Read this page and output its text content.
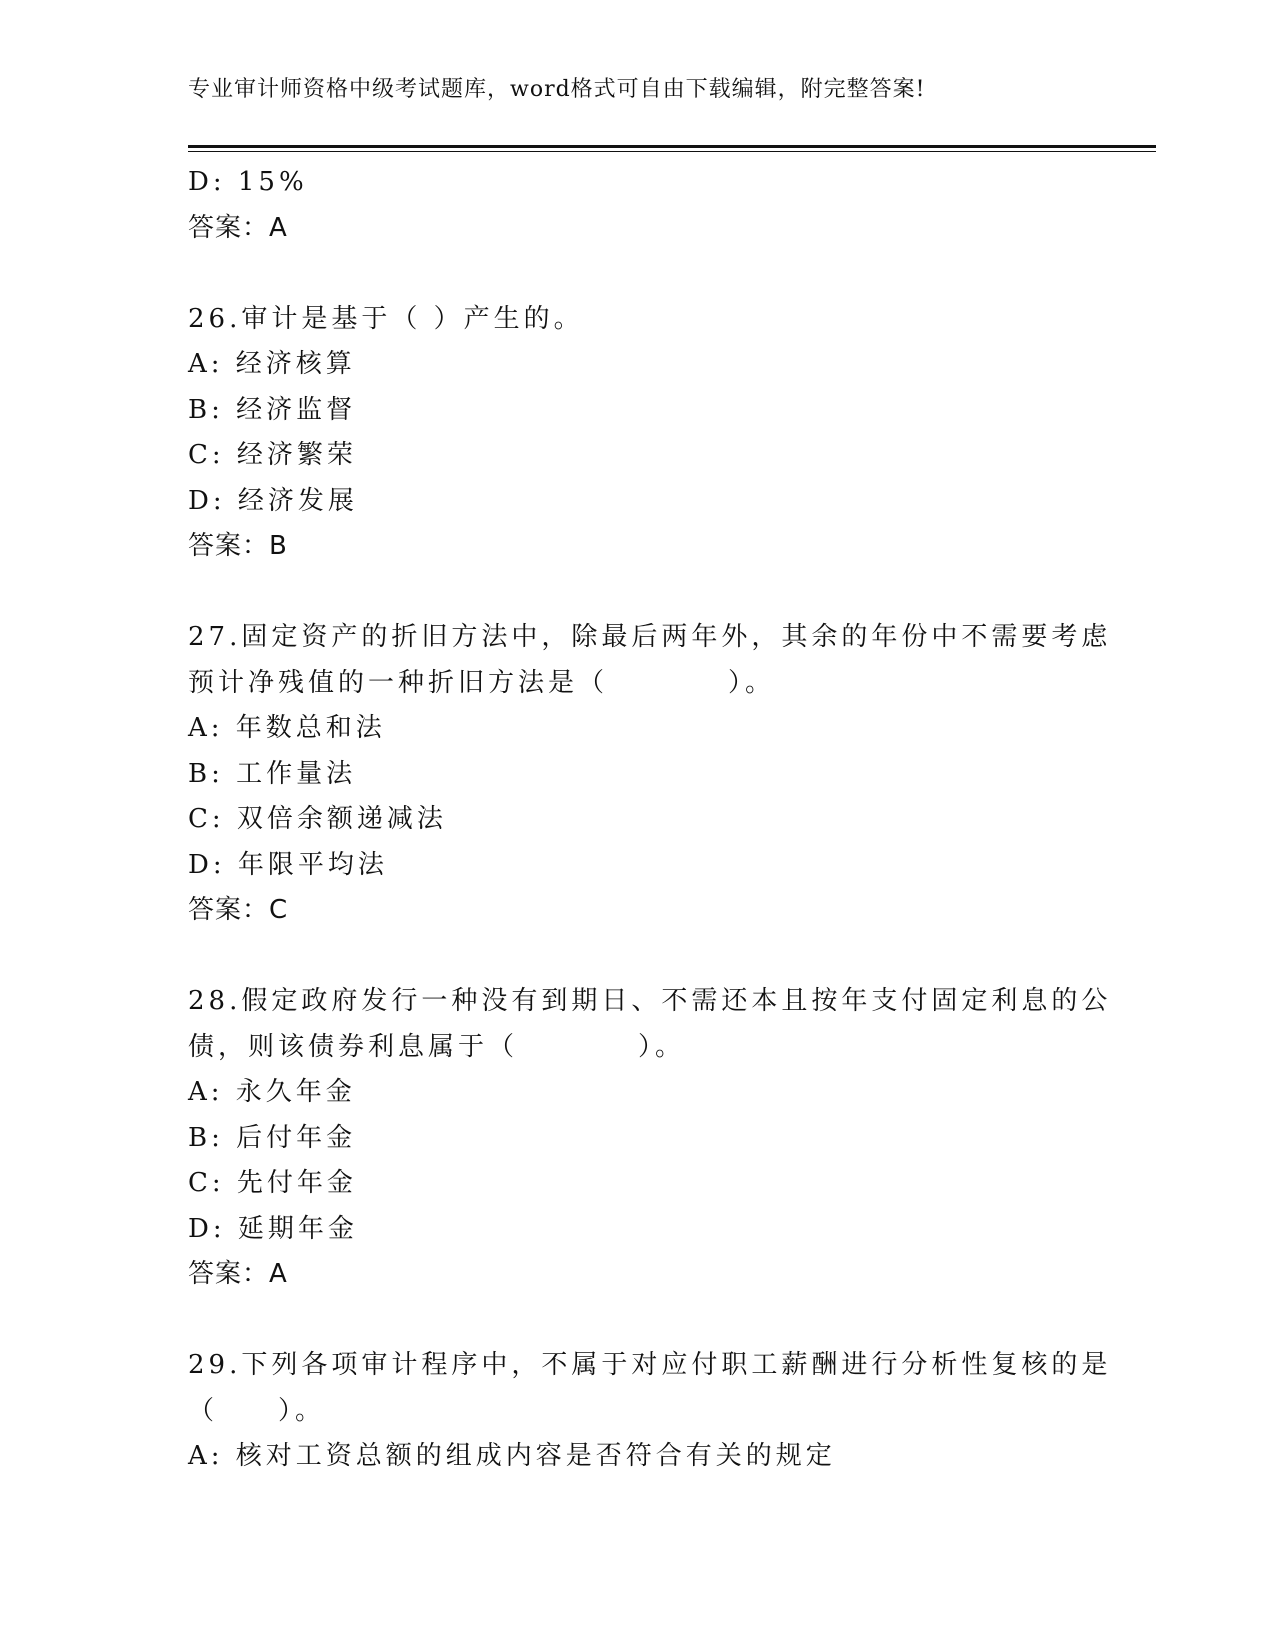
专业审计师资格中级考试题库，word格式可自由下载编辑，附完整答案!
D: 15%
答案：A
26.审计是基于（ ）产生的。
A: 经济核算
B: 经济监督
C: 经济繁荣
D: 经济发展
答案：B
27.固定资产的折旧方法中，除最后两年外，其余的年份中不需要考虑
预计净残值的一种折旧方法是（　　　　）。
A: 年数总和法
B: 工作量法
C: 双倍余额递减法
D: 年限平均法
答案：C
28.假定政府发行一种没有到期日、不需还本且按年支付固定利息的公
债，则该债券利息属于（　　　　）。
A: 永久年金
B: 后付年金
C: 先付年金
D: 延期年金
答案：A
29.下列各项审计程序中，不属于对应付职工薪酬进行分析性复核的是
（　　）。
A: 核对工资总额的组成内容是否符合有关的规定
